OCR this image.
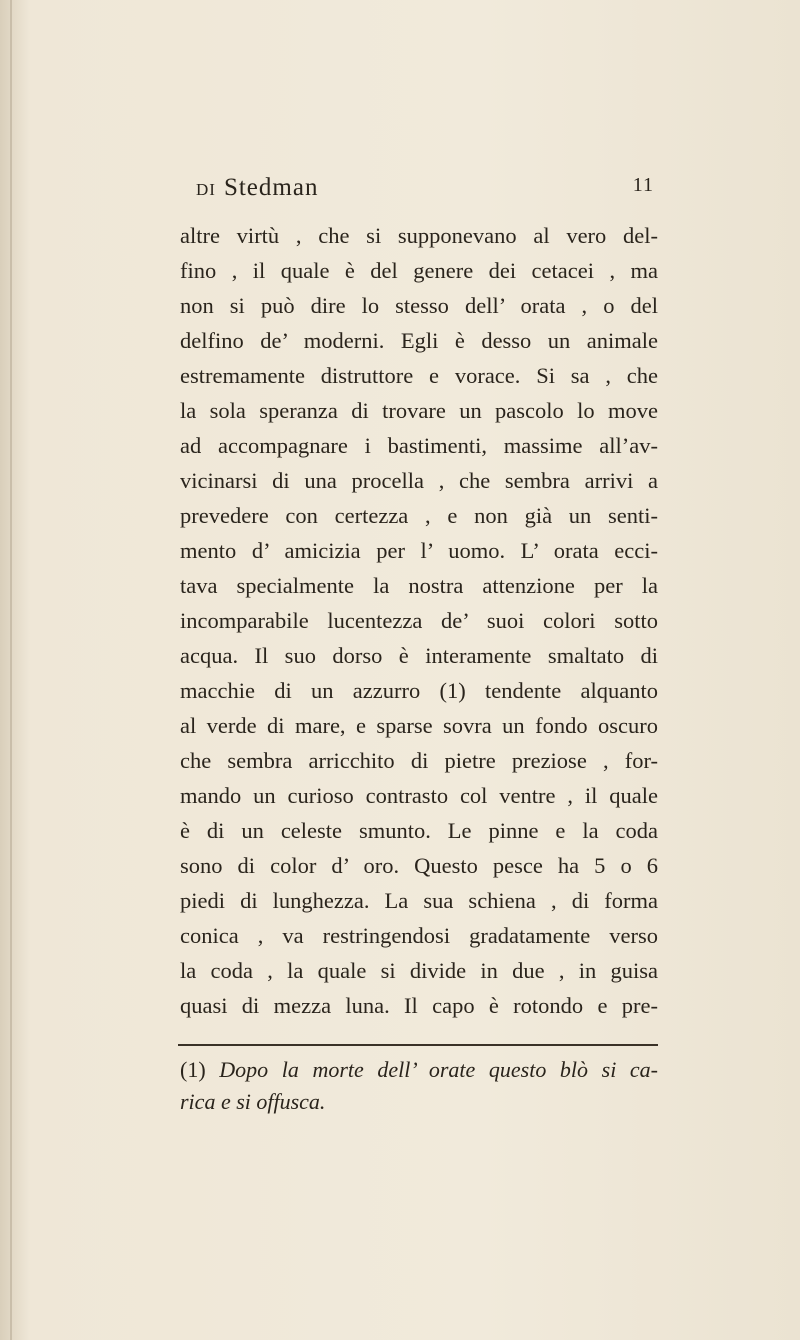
DI Stedman	11
altre virtù , che si supponevano al vero del-
fino , il quale è del genere dei cetacei , ma
non si può dire lo stesso dell’ orata , o del
delfino de’ moderni. Egli è desso un animale
estremamente distruttore e vorace. Si sa , che
la sola speranza di trovare un pascolo lo move
ad accompagnare i bastimenti, massime all’av-
vicinarsi di una procella , che sembra arrivi a
prevedere con certezza , e non già un senti-
mento d’ amicizia per l’ uomo. L’ orata ecci-
tava specialmente la nostra attenzione per la
incomparabile lucentezza de’ suoi colori sotto
acqua. Il suo dorso è interamente smaltato di
macchie di un azzurro (1) tendente alquanto
al verde di mare, e sparse sovra un fondo oscuro
che sembra arricchito di pietre preziose , for-
mando un curioso contrasto col ventre , il quale
è di un celeste smunto. Le pinne e la coda
sono di color d’ oro. Questo pesce ha 5 o 6
piedi di lunghezza. La sua schiena , di forma
conica , va restringendosi gradatamente verso
la coda , la quale si divide in due , in guisa
quasi di mezza luna. Il capo è rotondo e pre-
(1) Dopo la morte dell’ orate questo blò si ca-
rica e si offusca.
